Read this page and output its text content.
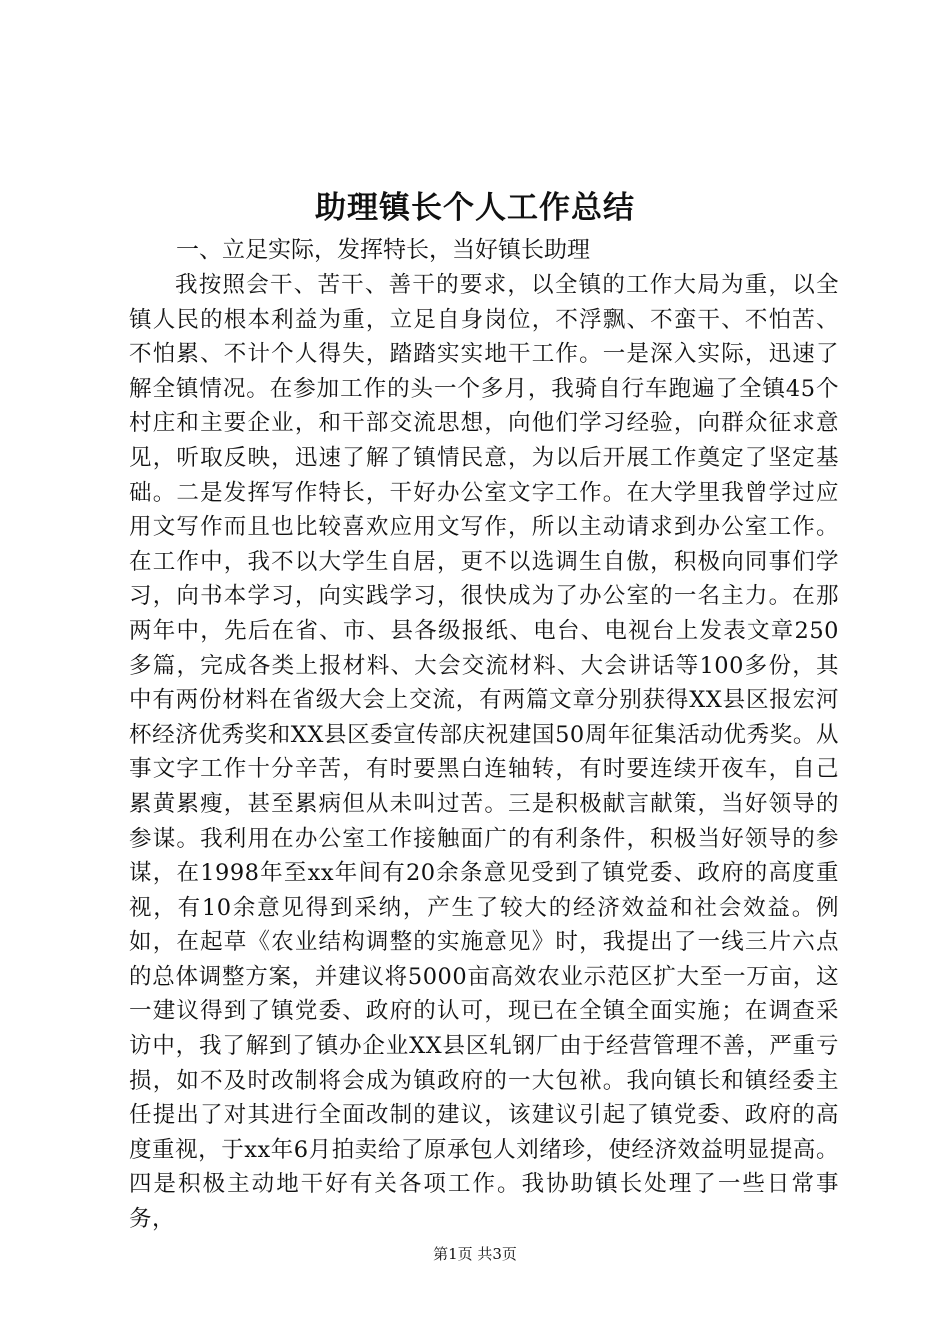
助理镇长个人工作总结

一、立足实际，发挥特长，当好镇长助理

我按照会干、苦干、善干的要求，以全镇的工作大局为重，以全镇人民的根本利益为重，立足自身岗位，不浮飘、不蛮干、不怕苦、不怕累、不计个人得失，踏踏实实地干工作。一是深入实际，迅速了解全镇情况。在参加工作的头一个多月，我骑自行车跑遍了全镇45个村庄和主要企业，和干部交流思想，向他们学习经验，向群众征求意见，听取反映，迅速了解了镇情民意，为以后开展工作奠定了坚定基础。二是发挥写作特长，干好办公室文字工作。在大学里我曾学过应用文写作而且也比较喜欢应用文写作，所以主动请求到办公室工作。在工作中，我不以大学生自居，更不以选调生自傲，积极向同事们学习，向书本学习，向实践学习，很快成为了办公室的一名主力。在那两年中，先后在省、市、县各级报纸、电台、电视台上发表文章250多篇，完成各类上报材料、大会交流材料、大会讲话等100多份，其中有两份材料在省级大会上交流，有两篇文章分别获得XX县区报宏河杯经济优秀奖和XX县区委宣传部庆祝建国50周年征集活动优秀奖。从事文字工作十分辛苦，有时要黑白连轴转，有时要连续开夜车，自己累黄累瘦，甚至累病但从未叫过苦。三是积极献言献策，当好领导的参谋。我利用在办公室工作接触面广的有利条件，积极当好领导的参谋，在1998年至xx年间有20余条意见受到了镇党委、政府的高度重视，有10余意见得到采纳，产生了较大的经济效益和社会效益。例如，在起草《农业结构调整的实施意见》时，我提出了一线三片六点的总体调整方案，并建议将5000亩高效农业示范区扩大至一万亩，这一建议得到了镇党委、政府的认可，现已在全镇全面实施；在调查采访中，我了解到了镇办企业XX县区轧钢厂由于经营管理不善，严重亏损，如不及时改制将会成为镇政府的一大包袱。我向镇长和镇经委主任提出了对其进行全面改制的建议，该建议引起了镇党委、政府的高度重视，于xx年6月拍卖给了原承包人刘绪珍，使经济效益明显提高。四是积极主动地干好有关各项工作。我协助镇长处理了一些日常事务，

第1页 共3页
